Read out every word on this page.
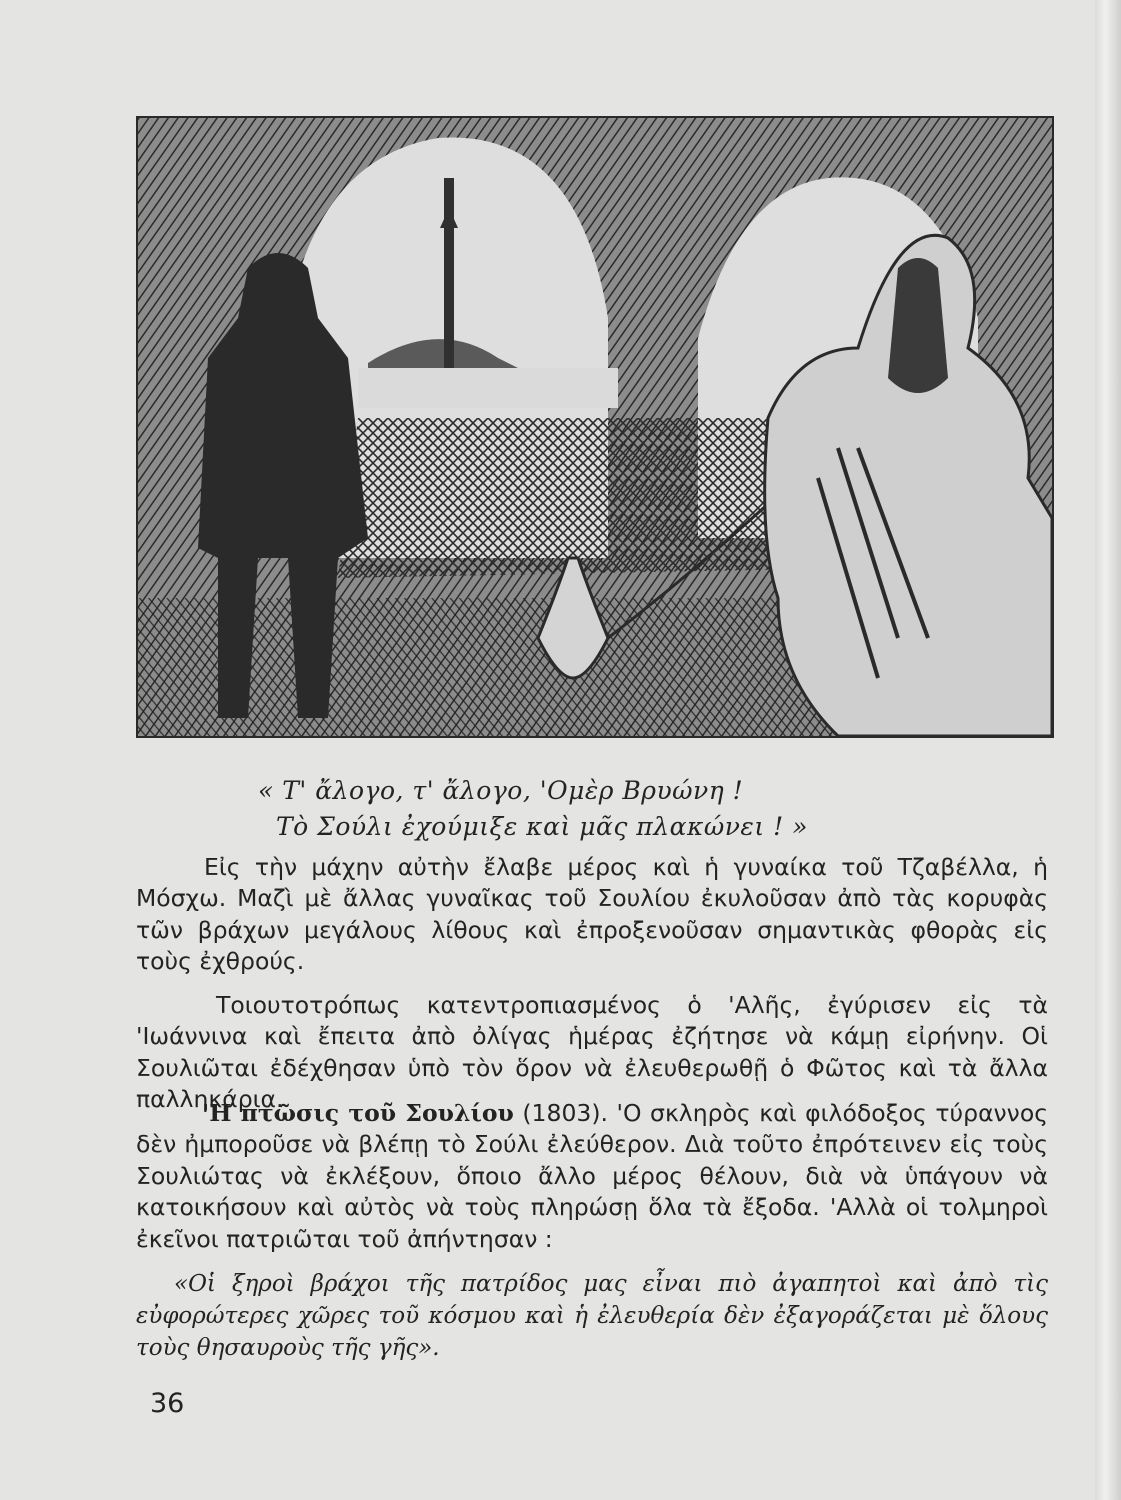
« Τ' ἄλογο, τ' ἄλογο, 'Ομὲρ Βρυώνη !
Τὸ Σούλι ἐχούμιξε καὶ μᾶς πλακώνει ! »
Εἰς τὴν μάχην αὐτὴν ἔλαβε μέρος καὶ ἡ γυναίκα τοῦ Τζαβέλλα, ἡ Μόσχω. Μαζὶ μὲ ἄλλας γυναῖκας τοῦ Σουλίου ἐκυλοῦσαν ἀπὸ τὰς κορυφὰς τῶν βράχων μεγάλους λίθους καὶ ἐπροξενοῦσαν σημαντικὰς φθορὰς εἰς τοὺς ἐχθρούς.
Τοιουτοτρόπως κατεντροπιασμένος ὁ 'Αλῆς, ἐγύρισεν εἰς τὰ 'Ιωάννινα καὶ ἔπειτα ἀπὸ ὀλίγας ἡμέρας ἐζήτησε νὰ κάμῃ εἰρήνην. Οἱ Σουλιῶται ἐδέχθησαν ὑπὸ τὸν ὅρον νὰ ἐλευθερωθῇ ὁ Φῶτος καὶ τὰ ἄλλα παλληκάρια.
'Η πτῶσις τοῦ Σουλίου (1803). 'Ο σκληρὸς καὶ φιλόδοξος τύραννος δὲν ἠμποροῦσε νὰ βλέπῃ τὸ Σούλι ἐλεύθερον. Διὰ τοῦτο ἐπρότεινεν εἰς τοὺς Σουλιώτας νὰ ἐκλέξουν, ὅποιο ἄλλο μέρος θέλουν, διὰ νὰ ὑπάγουν νὰ κατοικήσουν καὶ αὐτὸς νὰ τοὺς πληρώσῃ ὅλα τὰ ἔξοδα. 'Αλλὰ οἱ τολμηροὶ ἐκεῖνοι πατριῶται τοῦ ἀπήντησαν :
«Οἱ ξηροὶ βράχοι τῆς πατρίδος μας εἶναι πιὸ ἀγαπητοὶ καὶ ἀπὸ τὶς εὐφορώτερες χῶρες τοῦ κόσμου καὶ ἡ ἐλευθερία δὲν ἐξαγοράζεται μὲ ὅλους τοὺς θησαυροὺς τῆς γῆς».
36
